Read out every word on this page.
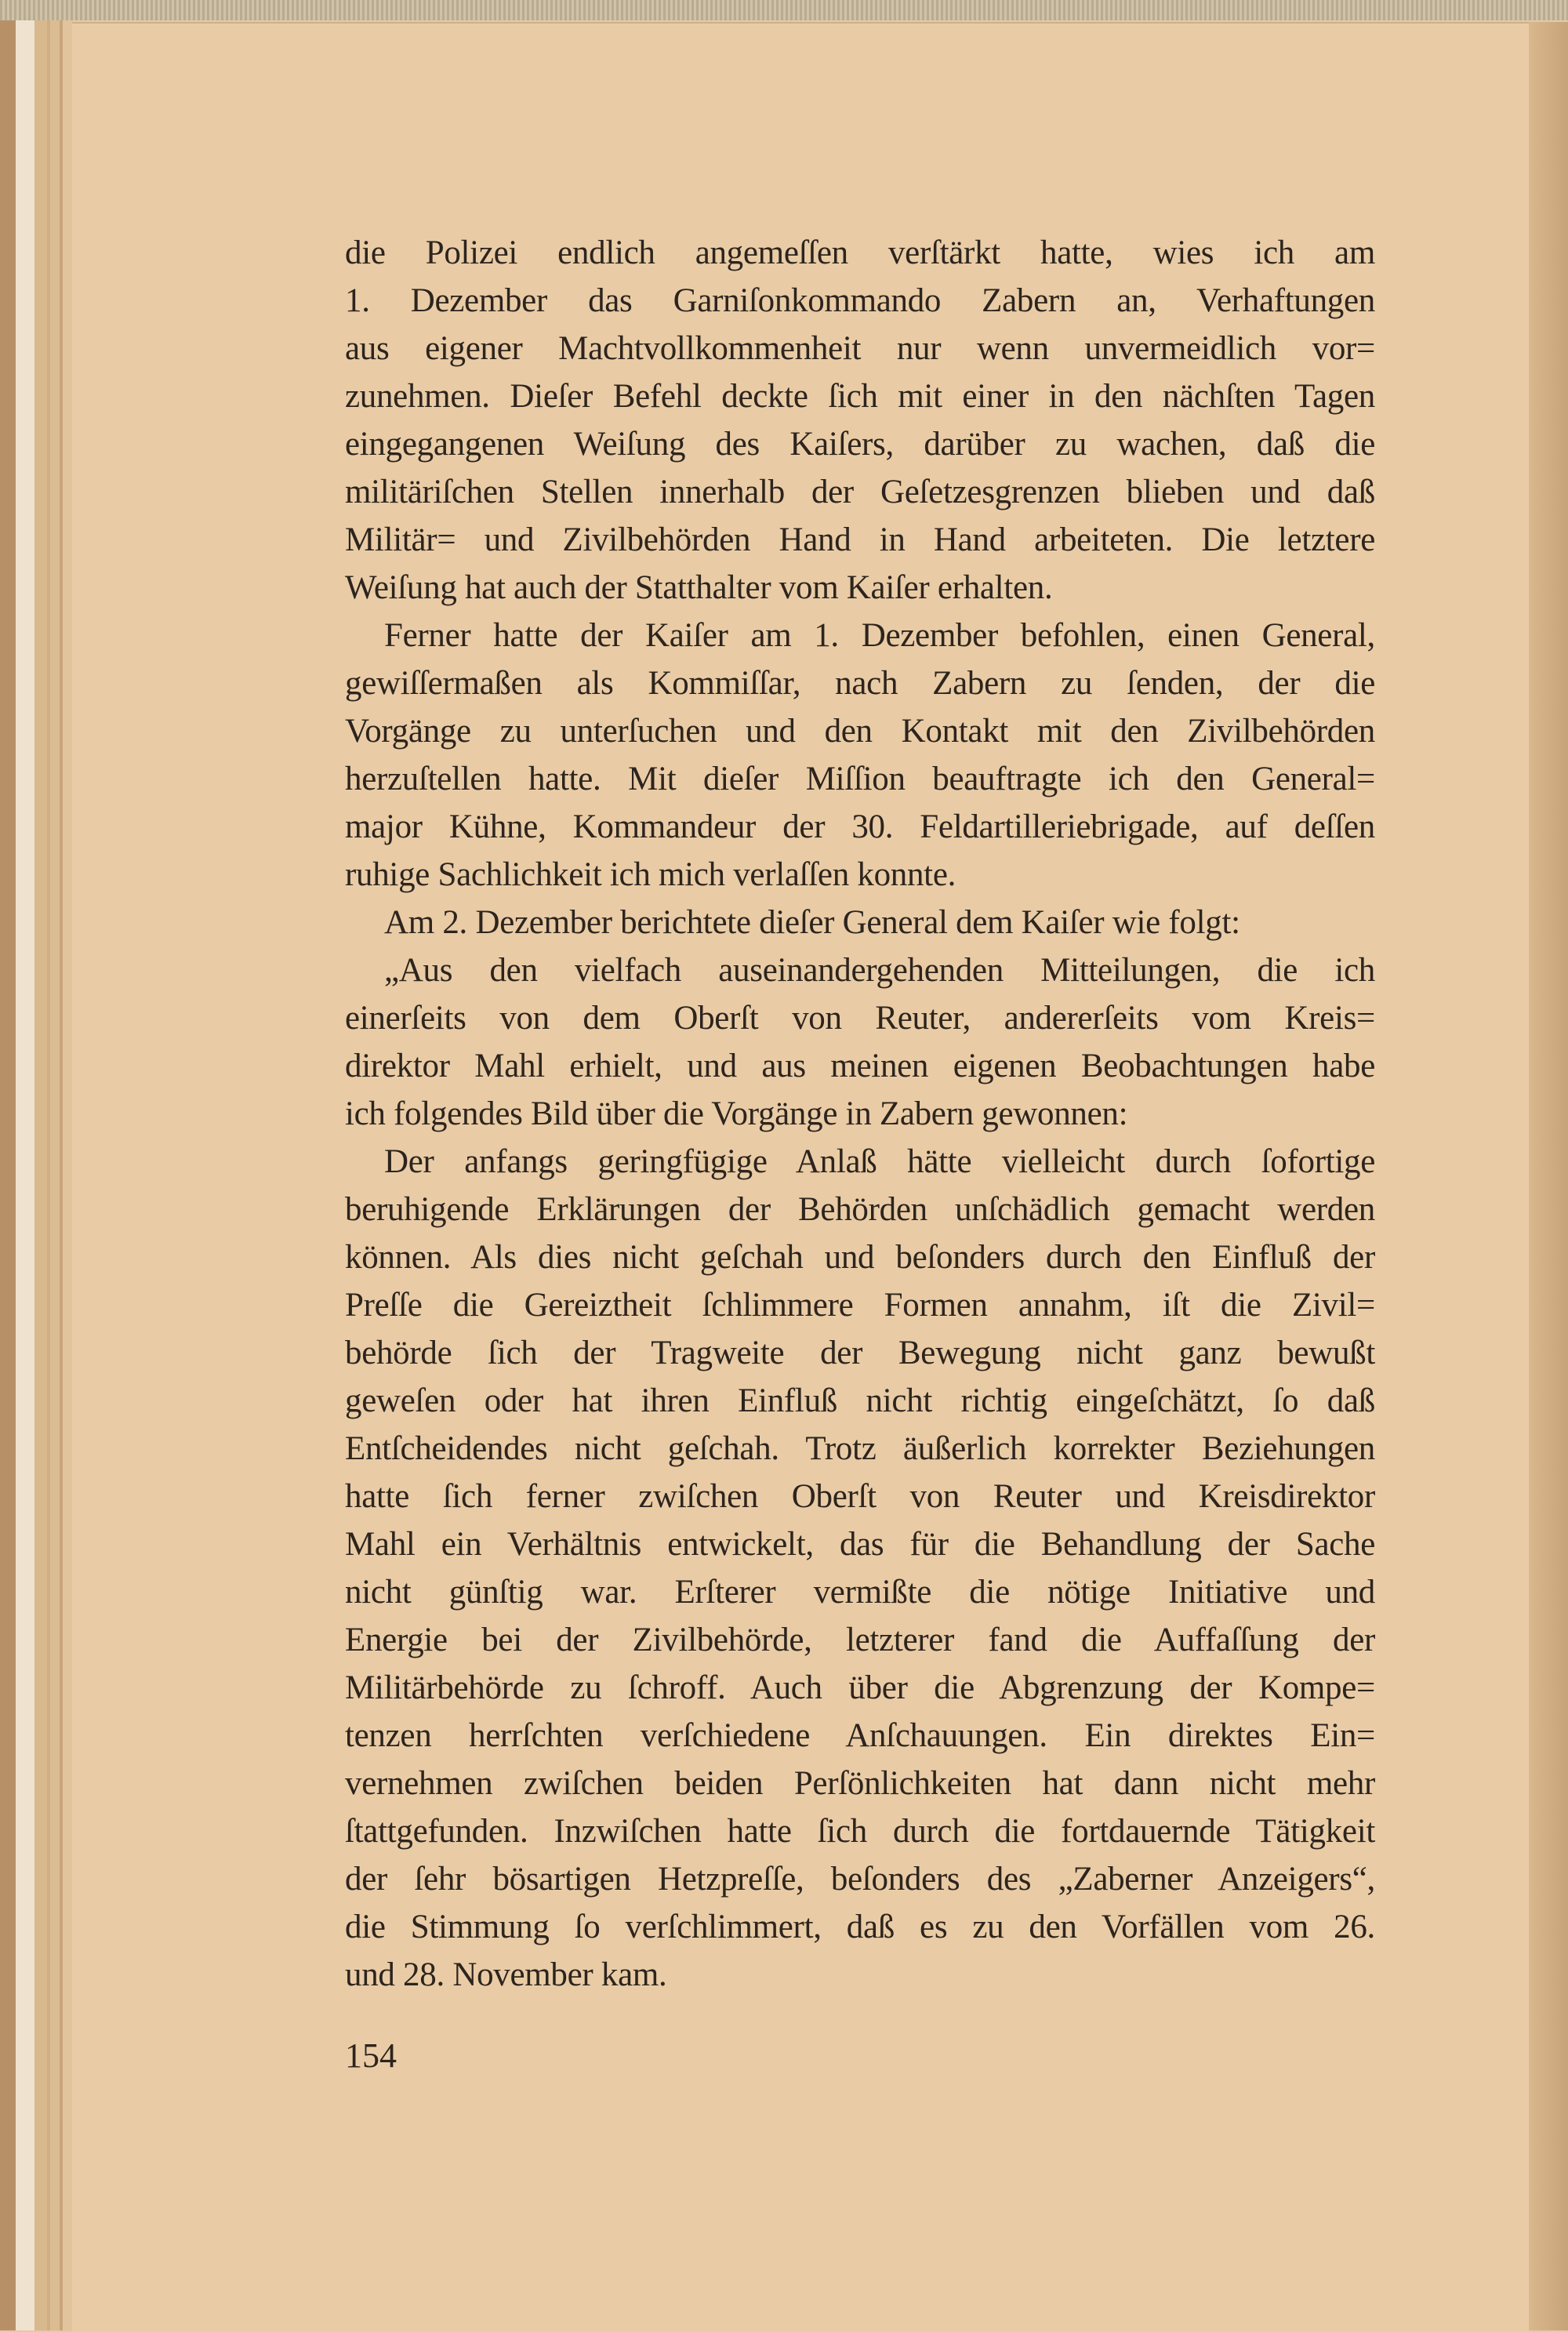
die Polizei endlich angemeſſen verſtärkt hatte, wies ich am
1. Dezember das Garniſonkommando Zabern an, Verhaftungen
aus eigener Machtvollkommenheit nur wenn unvermeidlich vor=
zunehmen. Dieſer Befehl deckte ſich mit einer in den nächſten Tagen
eingegangenen Weiſung des Kaiſers, darüber zu wachen, daß die
militäriſchen Stellen innerhalb der Geſetzesgrenzen blieben und daß
Militär= und Zivilbehörden Hand in Hand arbeiteten. Die letztere
Weiſung hat auch der Statthalter vom Kaiſer erhalten.
Ferner hatte der Kaiſer am 1. Dezember befohlen, einen General,
gewiſſermaßen als Kommiſſar, nach Zabern zu ſenden, der die
Vorgänge zu unterſuchen und den Kontakt mit den Zivilbehörden
herzuſtellen hatte. Mit dieſer Miſſion beauftragte ich den General=
major Kühne, Kommandeur der 30. Feldartilleriebrigade, auf deſſen
ruhige Sachlichkeit ich mich verlaſſen konnte.
Am 2. Dezember berichtete dieſer General dem Kaiſer wie folgt:
„Aus den vielfach auseinandergehenden Mitteilungen, die ich
einerſeits von dem Oberſt von Reuter, andererſeits vom Kreis=
direktor Mahl erhielt, und aus meinen eigenen Beobachtungen habe
ich folgendes Bild über die Vorgänge in Zabern gewonnen:
Der anfangs geringfügige Anlaß hätte vielleicht durch ſofortige
beruhigende Erklärungen der Behörden unſchädlich gemacht werden
können. Als dies nicht geſchah und beſonders durch den Einfluß der
Preſſe die Gereiztheit ſchlimmere Formen annahm, iſt die Zivil=
behörde ſich der Tragweite der Bewegung nicht ganz bewußt
geweſen oder hat ihren Einfluß nicht richtig eingeſchätzt, ſo daß
Entſcheidendes nicht geſchah. Trotz äußerlich korrekter Beziehungen
hatte ſich ferner zwiſchen Oberſt von Reuter und Kreisdirektor
Mahl ein Verhältnis entwickelt, das für die Behandlung der Sache
nicht günſtig war. Erſterer vermißte die nötige Initiative und
Energie bei der Zivilbehörde, letzterer fand die Auffaſſung der
Militärbehörde zu ſchroff. Auch über die Abgrenzung der Kompe=
tenzen herrſchten verſchiedene Anſchauungen. Ein direktes Ein=
vernehmen zwiſchen beiden Perſönlichkeiten hat dann nicht mehr
ſtattgefunden. Inzwiſchen hatte ſich durch die fortdauernde Tätigkeit
der ſehr bösartigen Hetzpreſſe, beſonders des „Zaberner Anzeigers“,
die Stimmung ſo verſchlimmert, daß es zu den Vorfällen vom 26.
und 28. November kam.
154
